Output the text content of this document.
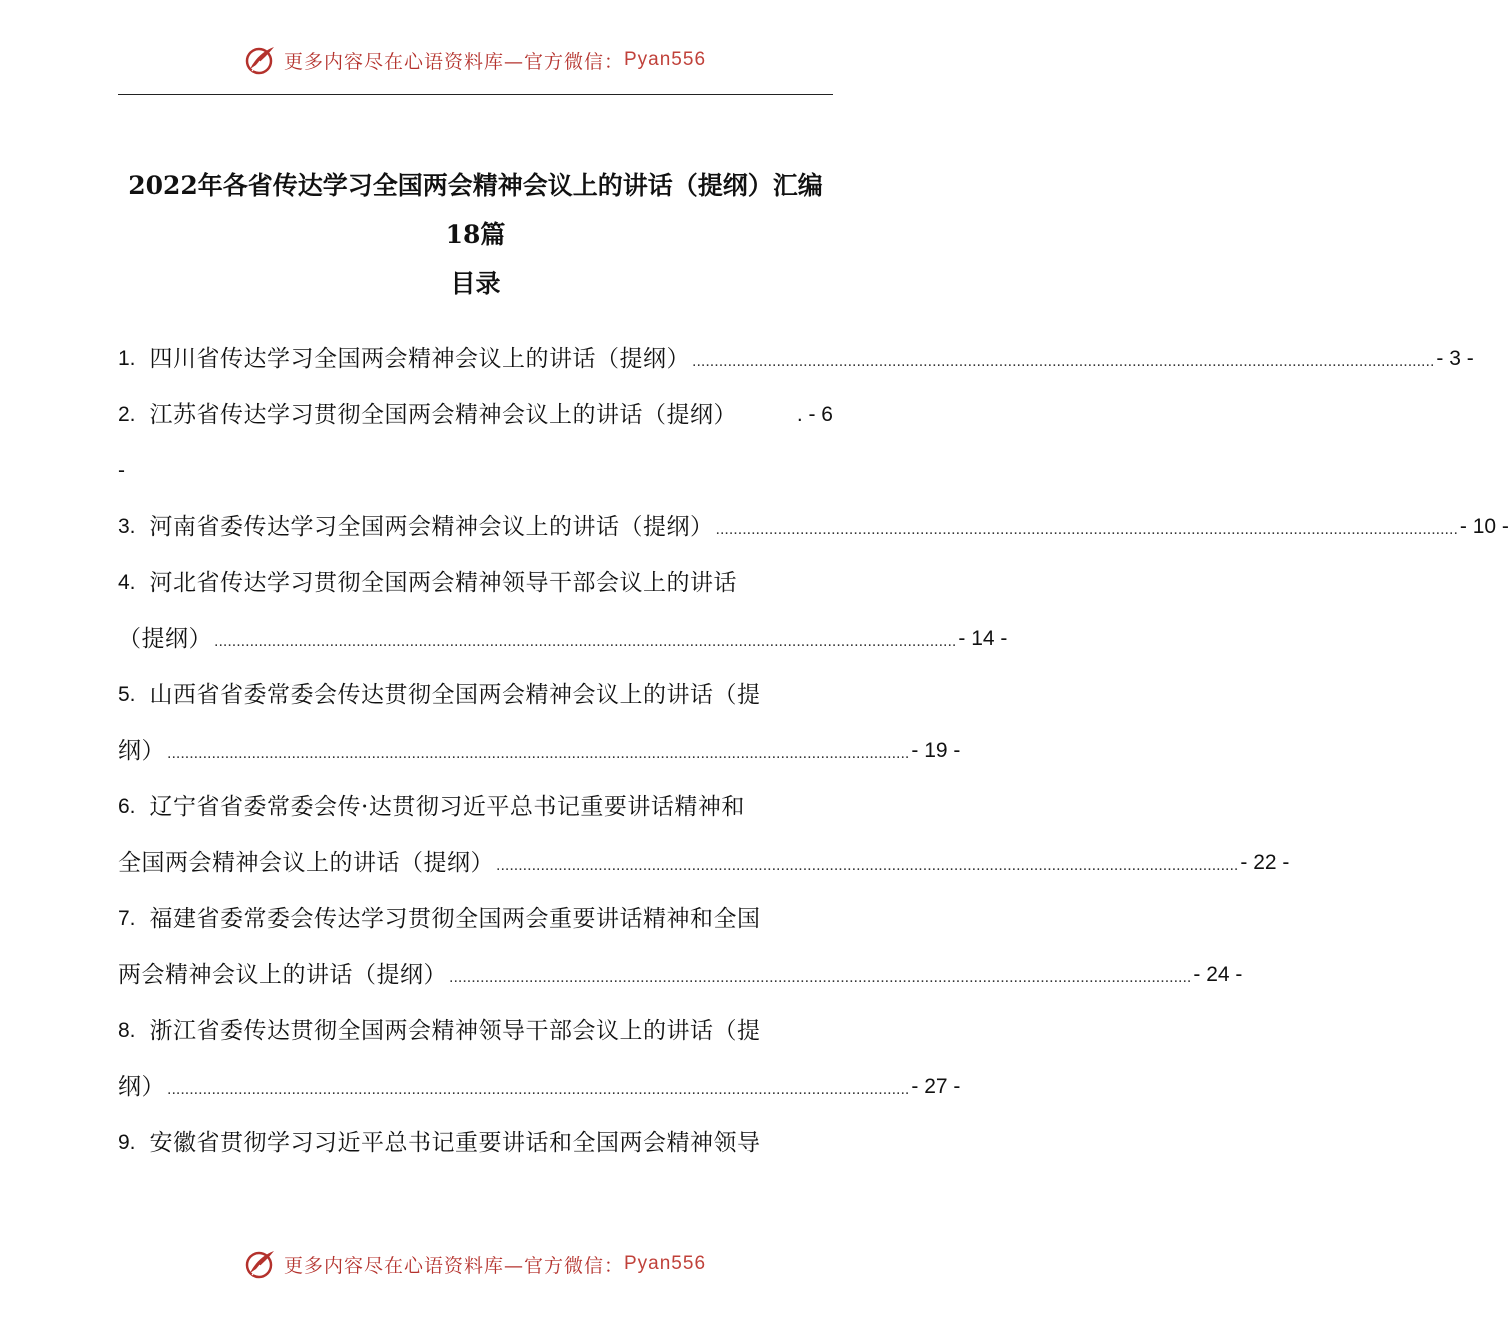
更多内容尽在心语资料库—官方微信： Pyan556
2022年各省传达学习全国两会精神会议上的讲话（提纲）汇编
18篇
目录
1. 四川省传达学习全国两会精神会议上的讲话（提纲） ....................................................................................................................................................................... - 3 -
2. 江苏省传达学习贯彻全国两会精神会议上的讲话（提纲）	. - 6
-
3. 河南省委传达学习全国两会精神会议上的讲话（提纲） ....................................................................................................................................................................... - 10 -
4. 河北省传达学习贯彻全国两会精神领导干部会议上的讲话
（提纲） ....................................................................................................................................................................... - 14 -
5. 山西省省委常委会传达贯彻全国两会精神会议上的讲话（提
纲） ....................................................................................................................................................................... - 19 -
6. 辽宁省省委常委会传·达贯彻习近平总书记重要讲话精神和
全国两会精神会议上的讲话（提纲） ....................................................................................................................................................................... - 22 -
7. 福建省委常委会传达学习贯彻全国两会重要讲话精神和全国
两会精神会议上的讲话（提纲） ....................................................................................................................................................................... - 24 -
8. 浙江省委传达贯彻全国两会精神领导干部会议上的讲话（提
纲） ....................................................................................................................................................................... - 27 -
9. 安徽省贯彻学习习近平总书记重要讲话和全国两会精神领导
更多内容尽在心语资料库—官方微信： Pyan556
